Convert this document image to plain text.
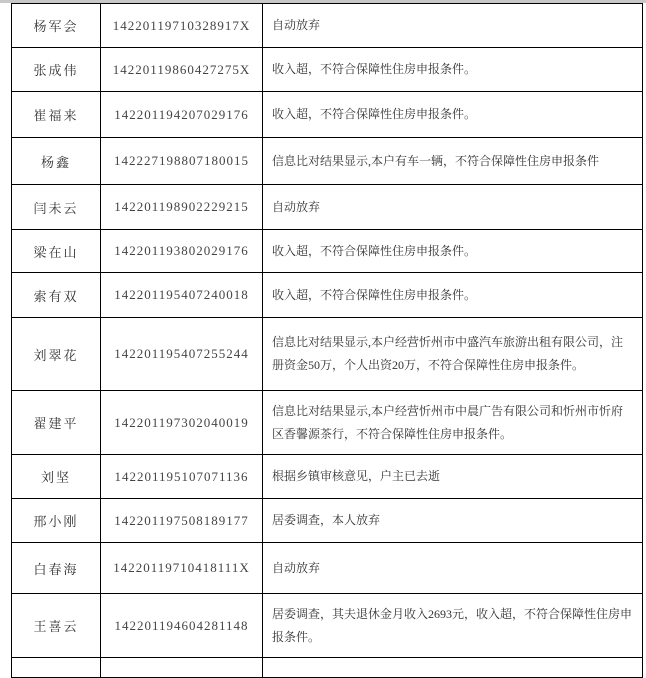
杨军会	14220119710328917X	自动放弃
张成伟	14220119860427275X	收入超，不符合保障性住房申报条件。
崔福来	142201194207029176	收入超，不符合保障性住房申报条件。
杨鑫	142227198807180015	信息比对结果显示,本户有车一辆，不符合保障性住房申报条件
闫未云	142201198902229215	自动放弃
梁在山	142201193802029176	收入超，不符合保障性住房申报条件。
索有双	142201195407240018	收入超，不符合保障性住房申报条件。
刘翠花	142201195407255244	信息比对结果显示,本户经营忻州市中盛汽车旅游出租有限公司，注册资金50万，个人出资20万，不符合保障性住房申报条件。
翟建平	142201197302040019	信息比对结果显示,本户经营忻州市中晨广告有限公司和忻州市忻府区香馨源茶行，不符合保障性住房申报条件。
刘坚	142201195107071136	根据乡镇审核意见，户主已去逝
邢小刚	142201197508189177	居委调查，本人放弃
白春海	14220119710418111X	自动放弃
王喜云	142201194604281148	居委调查，其夫退休金月收入2693元，收入超，不符合保障性住房申报条件。
